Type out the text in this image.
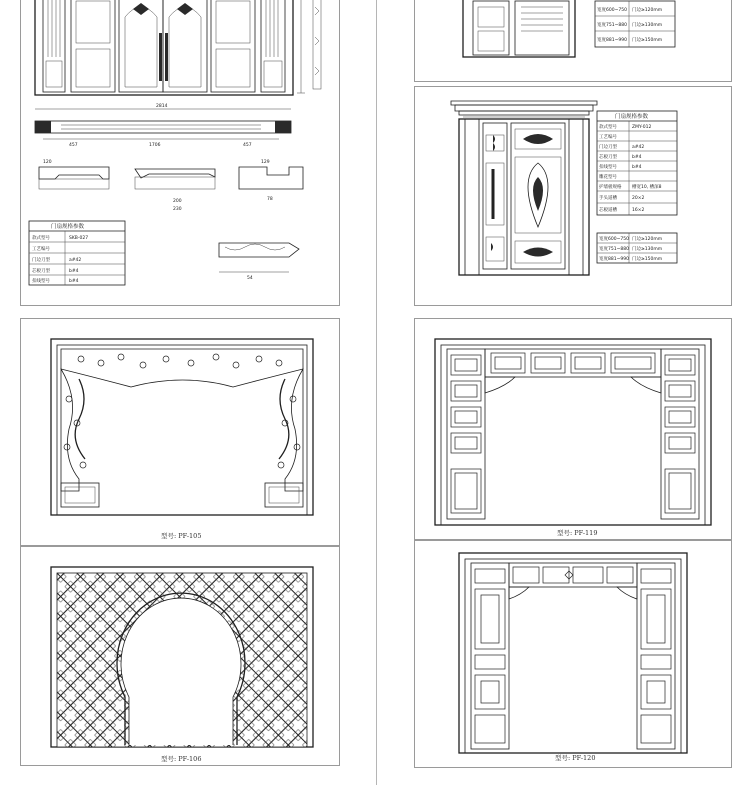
2814
1706
457	457
120
200
230
129
78
54
门扇规格参数
款式型号	SKB-027
工艺编号
门边刀型	a#42
芯板刀型	b#4
扣线型号	b#4
宽度600~750 门边≥120mm
宽度751~880 门边≥130mm
宽度881~990 门边≥150mm
门扇规格参数
款式型号	ZMY-012
工艺编号
门边刀型	a#42
芯板刀型	b#4
扣线型号	b#4
雕花型号
护墙板规格 槽宽10, 槽深8
手头道槽	20×2
芯板道槽	16×2
宽度600~750 门边≥120mm
宽度751~880 门边≥130mm
宽度881~990 门边≥150mm
型号: PF-105	型号: PF-119
型号: PF-106	型号: PF-120
